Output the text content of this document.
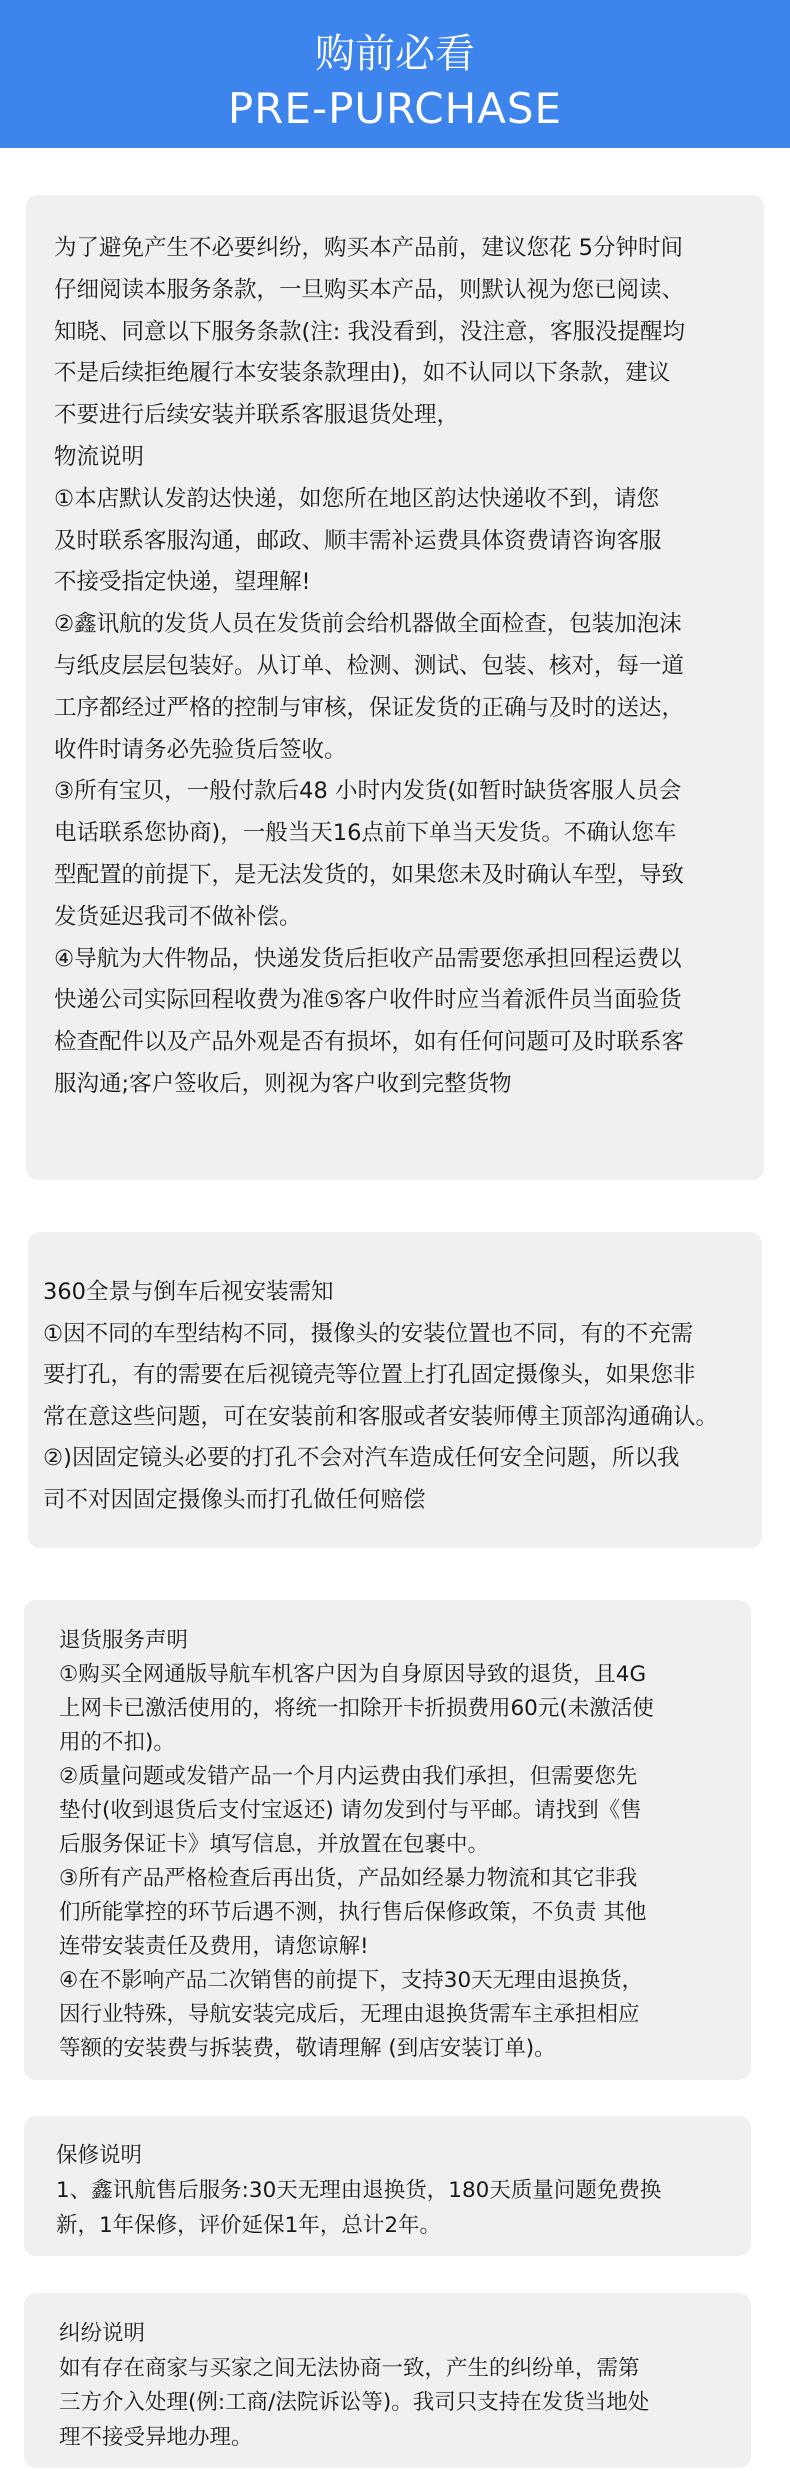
购前必看
PRE-PURCHASE

为了避免产生不必要纠纷，购买本产品前，建议您花 5分钟时间

仔细阅读本服务条款，一旦购买本产品，则默认视为您已阅读、

知晓、同意以下服务条款(注: 我没看到，没注意，客服没提醒均

不是后续拒绝履行本安装条款理由)，如不认同以下条款，建议

不要进行后续安装并联系客服退货处理，

物流说明

①本店默认发韵达快递，如您所在地区韵达快递收不到，请您

及时联系客服沟通，邮政、顺丰需补运费具体资费请咨询客服

不接受指定快递，望理解!

②鑫讯航的发货人员在发货前会给机器做全面检查，包装加泡沫

与纸皮层层包装好。从订单、检测、测试、包装、核对，每一道

工序都经过严格的控制与审核，保证发货的正确与及时的送达，

收件时请务必先验货后签收。

③所有宝贝，一般付款后48 小时内发货(如暂时缺货客服人员会

电话联系您协商)，一般当天16点前下单当天发货。不确认您车

型配置的前提下，是无法发货的，如果您未及时确认车型，导致

发货延迟我司不做补偿。

④导航为大件物品，快递发货后拒收产品需要您承担回程运费以

快递公司实际回程收费为准⑤客户收件时应当着派件员当面验货

检查配件以及产品外观是否有损坏，如有任何问题可及时联系客

服沟通;客户签收后，则视为客户收到完整货物

360全景与倒车后视安装需知

①因不同的车型结构不同，摄像头的安装位置也不同，有的不充需

要打孔，有的需要在后视镜壳等位置上打孔固定摄像头，如果您非

常在意这些问题，可在安装前和客服或者安装师傅主顶部沟通确认。

②)因固定镜头必要的打孔不会对汽车造成任何安全问题，所以我

司不对因固定摄像头而打孔做任何赔偿

退货服务声明

①购买全网通版导航车机客户因为自身原因导致的退货，且4G

上网卡已激活使用的，将统一扣除开卡折损费用60元(未激活使

用的不扣)。

②质量问题或发错产品一个月内运费由我们承担，但需要您先

垫付(收到退货后支付宝返还) 请勿发到付与平邮。请找到《售

后服务保证卡》填写信息，并放置在包裹中。

③所有产品严格检查后再出货，产品如经暴力物流和其它非我

们所能掌控的环节后遇不测，执行售后保修政策，不负责 其他

连带安装责任及费用，请您谅解!

④在不影响产品二次销售的前提下，支持30天无理由退换货，

因行业特殊，导航安装完成后，无理由退换货需车主承担相应

等额的安装费与拆装费，敬请理解 (到店安装订单)。

保修说明

1、鑫讯航售后服务:30天无理由退换货，180天质量问题免费换

新，1年保修，评价延保1年，总计2年。

纠纷说明

如有存在商家与买家之间无法协商一致，产生的纠纷单，需第

三方介入处理(例:工商/法院诉讼等)。我司只支持在发货当地处

理不接受异地办理。
